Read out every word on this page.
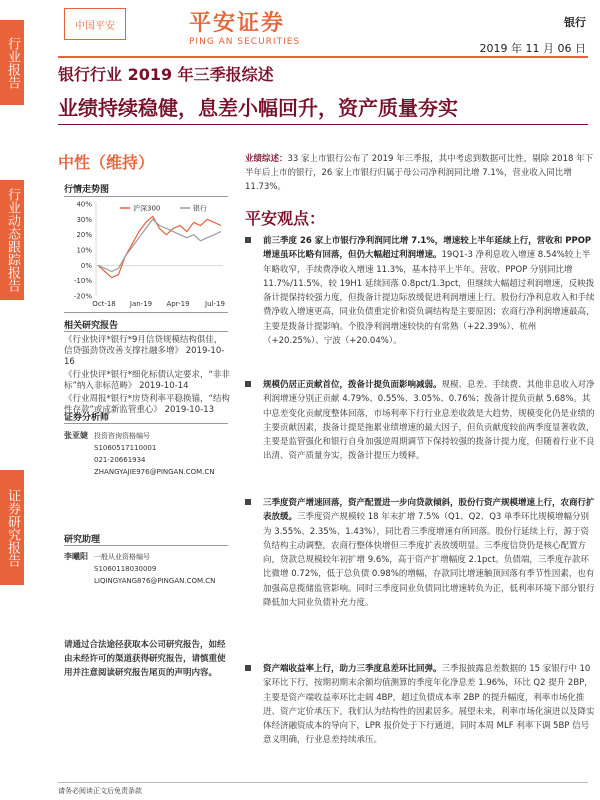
行业报告
行业动态跟踪报告
证券研究报告
中国平安	平安证券
PING AN SECURITIES
银行
2019 年 11 月 06 日
银行行业 2019 年三季报综述
业绩持续稳健，息差小幅回升，资产质量夯实
中性（维持）
行情走势图
40%
30%
20%
10%
0%
-10%
-20%
沪深300	银行
Oct-18 Jan-19 Apr-19 Jul-19
相关研究报告
《行业快评*银行*9月信贷规模结构俱佳，信贷强劲贷改善支撑社融多增》 2019-10-16
《行业快评*银行*细化标债认定要求，“非非标”纳入非标范畴》 2019-10-14
《行业周报*银行*房贷利率平稳换锚，“结构性存款”或成新监管重心》 2019-10-13
证券分析师
张亚婕 投资咨询资格编号
S1060517110001
021-20661934
ZHANGYAJIE976@PINGAN.COM.CN
研究助理
李曦阳 一般从业资格编号
S1060118030009
LIQINGYANG876@PINGAN.COM.CN
请通过合法途径获取本公司研究报告，如经由未经许可的渠道获得研究报告，请慎重使用并注意阅读研究报告尾页的声明内容。
业绩综述：33 家上市银行公布了 2019 年三季报，其中考虑到数据可比性，剔除 2018 年下半年后上市的银行，26 家上市银行归属于母公司净利润同比增 7.1%，营业收入同比增 11.73%。
平安观点：
前三季度 26 家上市银行净利润同比增 7.1%，增速较上半年延续上行，营收和 PPOP 增速虽环比略有回落，但仍大幅超过利润增速。19Q1-3 净利息收入增速 8.54%较上半年略收窄，手续费净收入增速 11.3%，基本持平上半年。营收、PPOP 分别同比增 11.7%/11.5%，较 19H1 延续回落 0.8pct/1.3pct，但继续大幅超过利润增速，反映拨备计提保持较强力度，但拨备计提边际放缓促进利润增速上行。股份行净利息收入和手续费净收入增速更高，同业负债重定价和资负调结构是主要原因；农商行净利润增速最高，主要是拨备计提影响。个股净利润增速较快的有常熟（+22.39%）、杭州（+20.25%）、宁波（+20.04%）。
规模仍居正贡献首位，拨备计提负面影响减弱。规模、息差、手续费、其他非息收入对净利润增速分别正贡献 4.79%、0.55%、3.05%、0.76%；拨备计提负贡献 5.68%。其中息差变化贡献度整体回落，市场利率下行行业息差收敛是大趋势，规模变化仍是业绩的主要贡献因素，拨备计提是拖累业绩增速的最大因子，但负贡献度较前两季度显著收敛，主要是监管强化和银行自身加强逆周期调节下保持较强的拨备计提力度，但随着行业不良出清、资产质量夯实，拨备计提压力缓释。
三季度资产增速回落，资产配置进一步向贷款倾斜，股份行资产规模增速上行，农商行扩表放缓。三季度资产规模较 18 年末扩增 7.5%（Q1、Q2、Q3 单季环比规模增幅分别为 3.55%、2.35%、1.43%），同比看三季度增速有所回落。股份行延续上行，源于资负结构主动调整，农商行整体快增但三季度扩表放缓明显。三季度信贷仍是核心配置方向，贷款总规模较年初扩增 9.6%，高于资产扩增幅度 2.1pct。负债端，三季度存款环比微增 0.72%，低于总负债 0.98%的增幅，存款同比增速触顶回落有季节性因素，也有加强高息揽储监管影响。同时三季度同业负债同比增速转负为正，低利率环境下部分银行降低加大同业负债补充力度。
资产端收益率上行，助力三季度息差环比回弹。三季报披露息差数据的 15 家银行中 10 家环比下行，按期初期末余额均值测算的季度年化净息差 1.96%，环比 Q2 提升 2BP，主要是资产端收益率环比走阔 4BP，超过负债成本率 2BP 的提升幅度，利率市场化推进、资产定价承压下，我们认为结构性的因素居多。展望未来，利率市场化演进以及降实体经济融资成本的导向下，LPR 报价处于下行通道，同时本周 MLF 利率下调 5BP 信号意义明确，行业息差持续承压。
请务必阅读正文后免责条款
